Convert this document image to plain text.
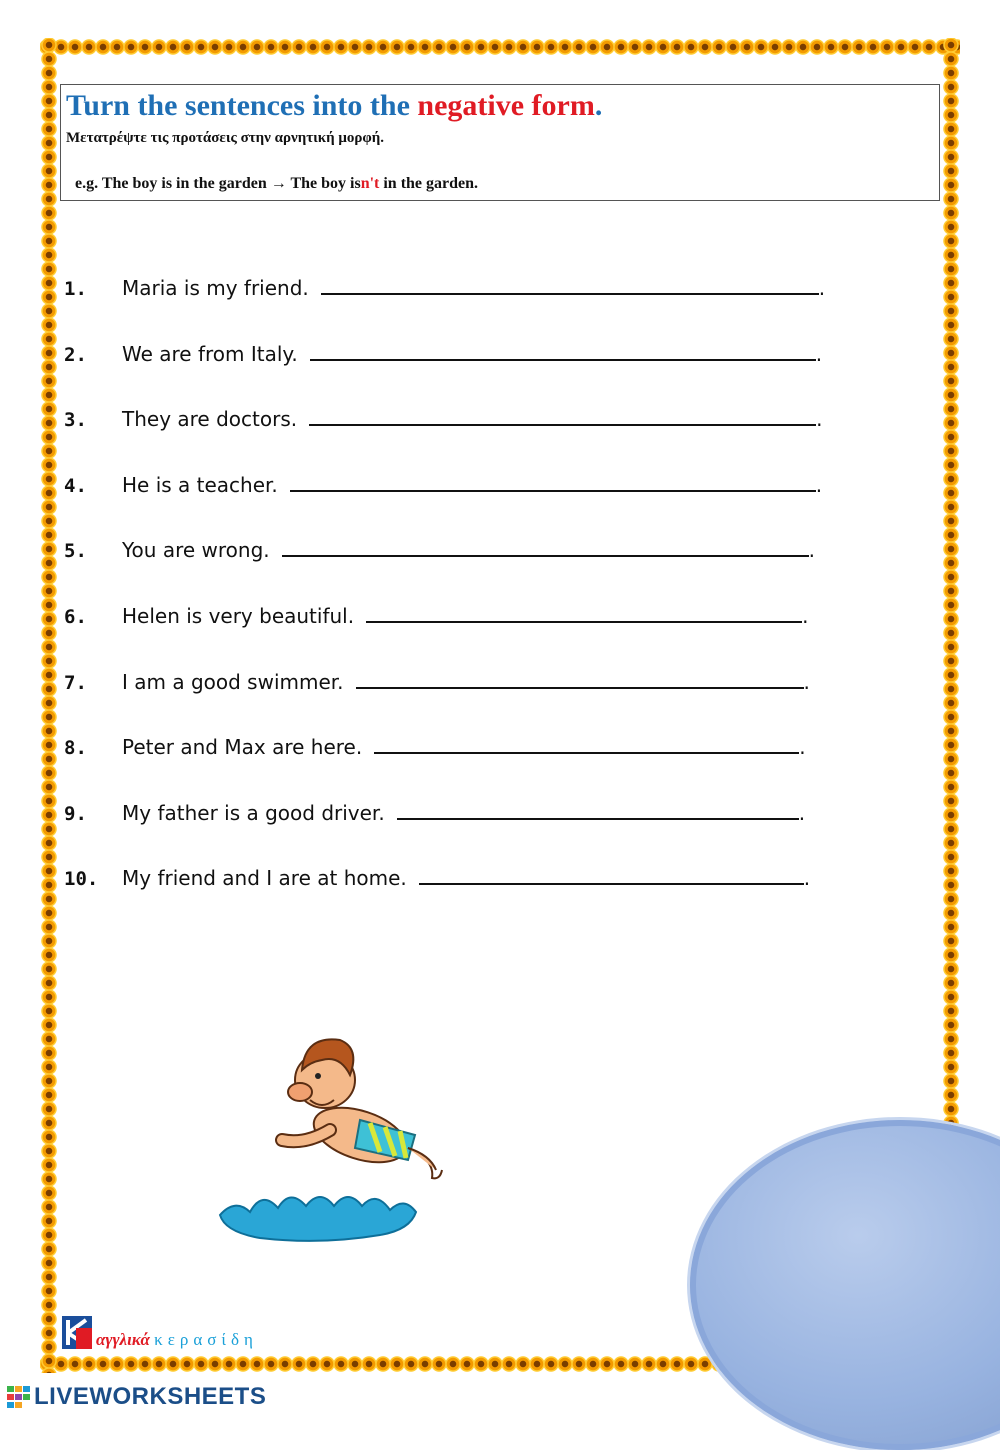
Turn the sentences into the negative form.
Μετατρέψτε τις προτάσεις στην αρνητική μορφή.
e.g. The boy is in the garden → The boy isn't in the garden.
1.	Maria is my friend.	.
2.	We are from Italy.	.
3.	They are doctors.	.
4.	He is a teacher.	.
5.	You are wrong.	.
6.	Helen is very beautiful.	.
7.	I am a good swimmer.	.
8.	Peter and Max are here.	.
9.	My father is a good driver.	.
10.	My friend and I are at home.	.
αγγλικά κερασίδη
LIVEWORKSHEETS
